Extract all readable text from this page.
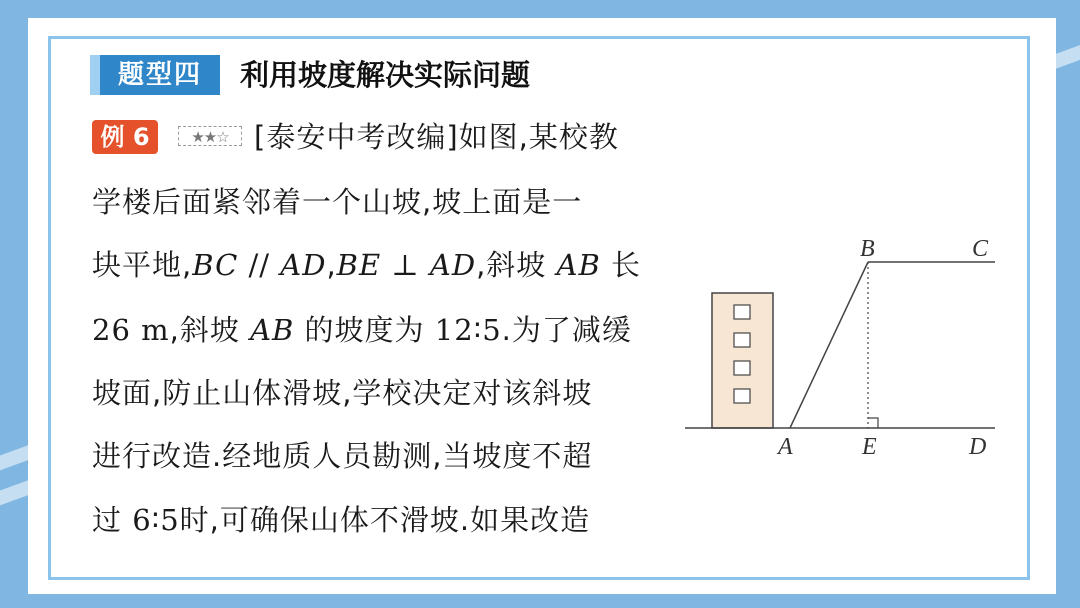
题型四	利用坡度解决实际问题
例 6	★★☆ [泰安中考改编]如图,某校教
学楼后面紧邻着一个山坡,坡上面是一
块平地,BC // AD,BE ⊥ AD,斜坡 AB 长
26 m,斜坡 AB 的坡度为 12∶5.为了减缓
坡面,防止山体滑坡,学校决定对该斜坡
进行改造.经地质人员勘测,当坡度不超
过 6∶5时,可确保山体不滑坡.如果改造
A
B	C
D
E
